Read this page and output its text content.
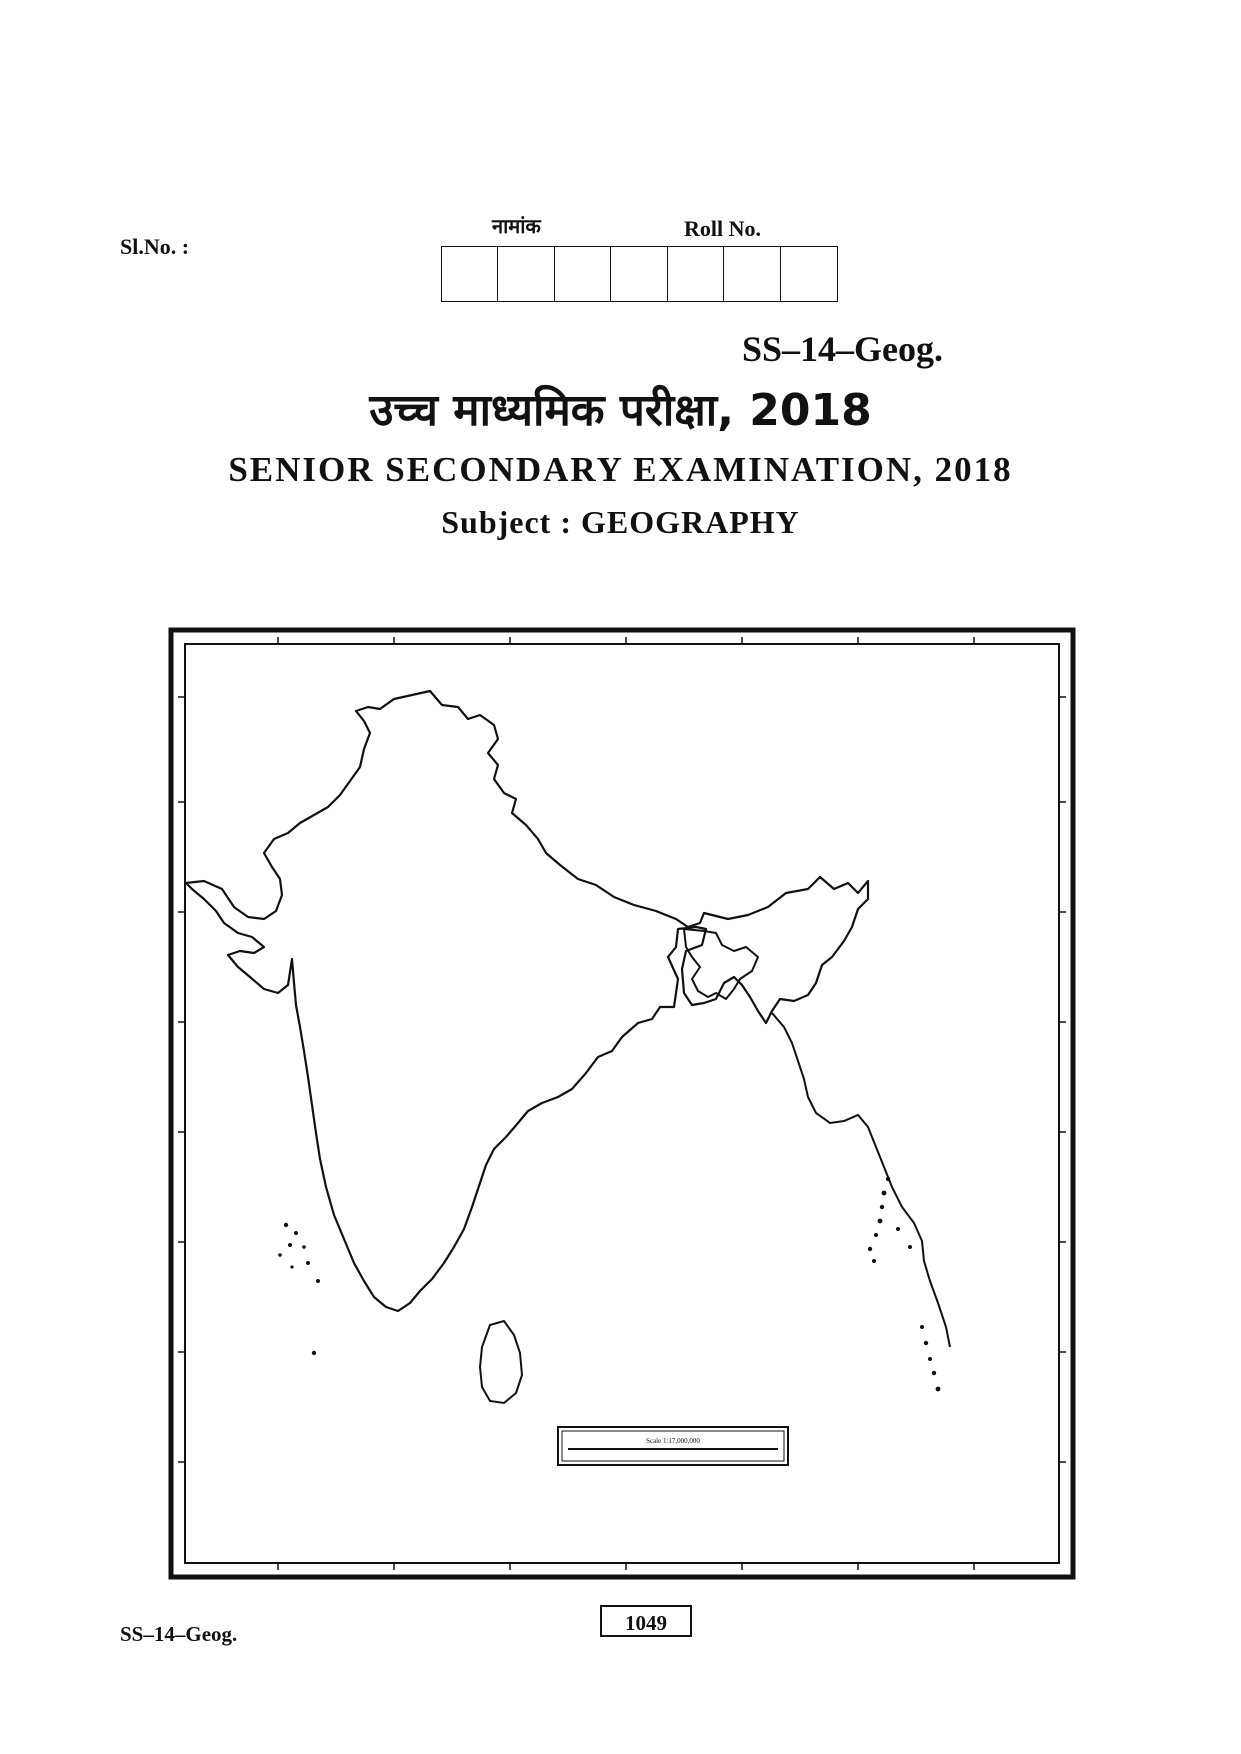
Sl.No. :
नामांक	Roll No.
SS–14–Geog.
उच्च माध्यमिक परीक्षा, 2018
SENIOR SECONDARY EXAMINATION, 2018
Subject : GEOGRAPHY
Scale 1:17,000,000
SS–14–Geog.	1049
